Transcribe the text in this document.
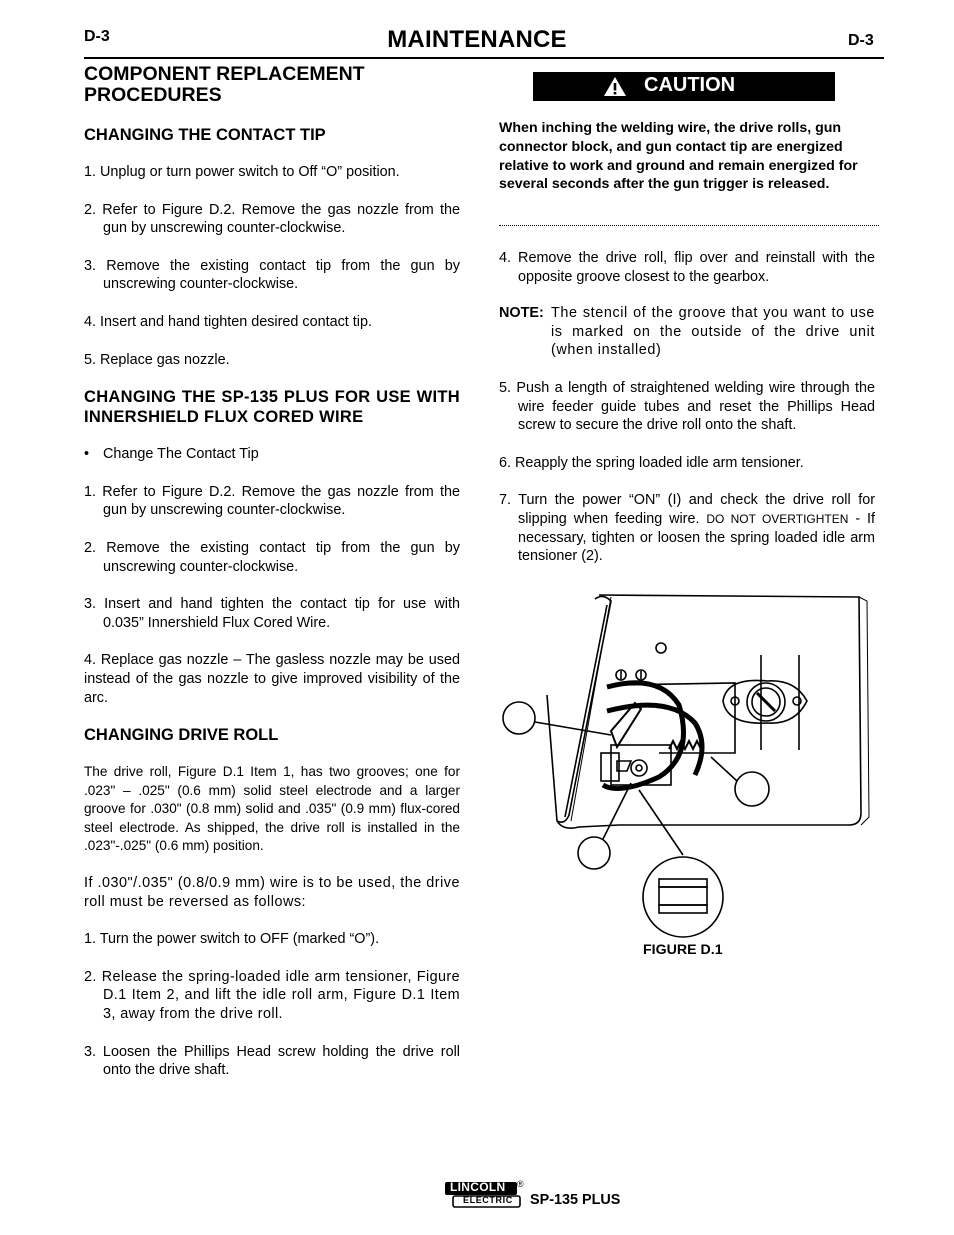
D-3	MAINTENANCE	D-3
COMPONENT REPLACEMENT PROCEDURES
CHANGING THE CONTACT TIP

1. Unplug or turn power switch to Off “O” position.

2. Refer to Figure D.2. Remove the gas nozzle from the gun by unscrewing counter-clockwise.

3. Remove the existing contact tip from the gun by unscrewing counter-clockwise.

4. Insert and hand tighten desired contact tip.

5. Replace gas nozzle.

CHANGING THE SP-135 PLUS FOR USE WITH INNERSHIELD FLUX CORED WIRE

• Change The Contact Tip

1. Refer to Figure D.2. Remove the gas nozzle from the gun by unscrewing counter-clockwise.

2. Remove the existing contact tip from the gun by unscrewing counter-clockwise.

3. Insert and hand tighten the contact tip for use with 0.035” Innershield Flux Cored Wire.

4. Replace gas nozzle – The gasless nozzle may be used instead of the gas nozzle to give improved visibility of the arc.

CHANGING DRIVE ROLL

The drive roll, Figure D.1 Item 1, has two grooves; one for .023" – .025" (0.6 mm) solid steel electrode and a larger groove for .030" (0.8 mm) solid and .035" (0.9 mm) flux-cored steel electrode. As shipped, the drive roll is installed in the .023"-.025" (0.6 mm) position.

If .030"/.035" (0.8/0.9 mm) wire is to be used, the drive roll must be reversed as follows:

1. Turn the power switch to OFF (marked “O”).

2. Release the spring-loaded idle arm tensioner, Figure D.1 Item 2, and lift the idle roll arm, Figure D.1 Item 3, away from the drive roll.

3. Loosen the Phillips Head screw holding the drive roll onto the drive shaft.

CAUTION
When inching the welding wire, the drive rolls, gun connector block, and gun contact tip are energized relative to work and ground and remain energized for several seconds after the gun trigger is released.

4. Remove the drive roll, flip over and reinstall with the opposite groove closest to the gearbox.

NOTE: The stencil of the groove that you want to use is marked on the outside of the drive unit (when installed)

5. Push a length of straightened welding wire through the wire feeder guide tubes and reset the Phillips Head screw to secure the drive roll onto the shaft.

6. Reapply the spring loaded idle arm tensioner.

7. Turn the power “ON” (I) and check the drive roll for slipping when feeding wire. DO NOT OVERTIGHTEN - If necessary, tighten or loosen the spring loaded idle arm tensioner (2).

FIGURE D.1
LINCOLN
ELECTRIC
®
SP-135 PLUS
